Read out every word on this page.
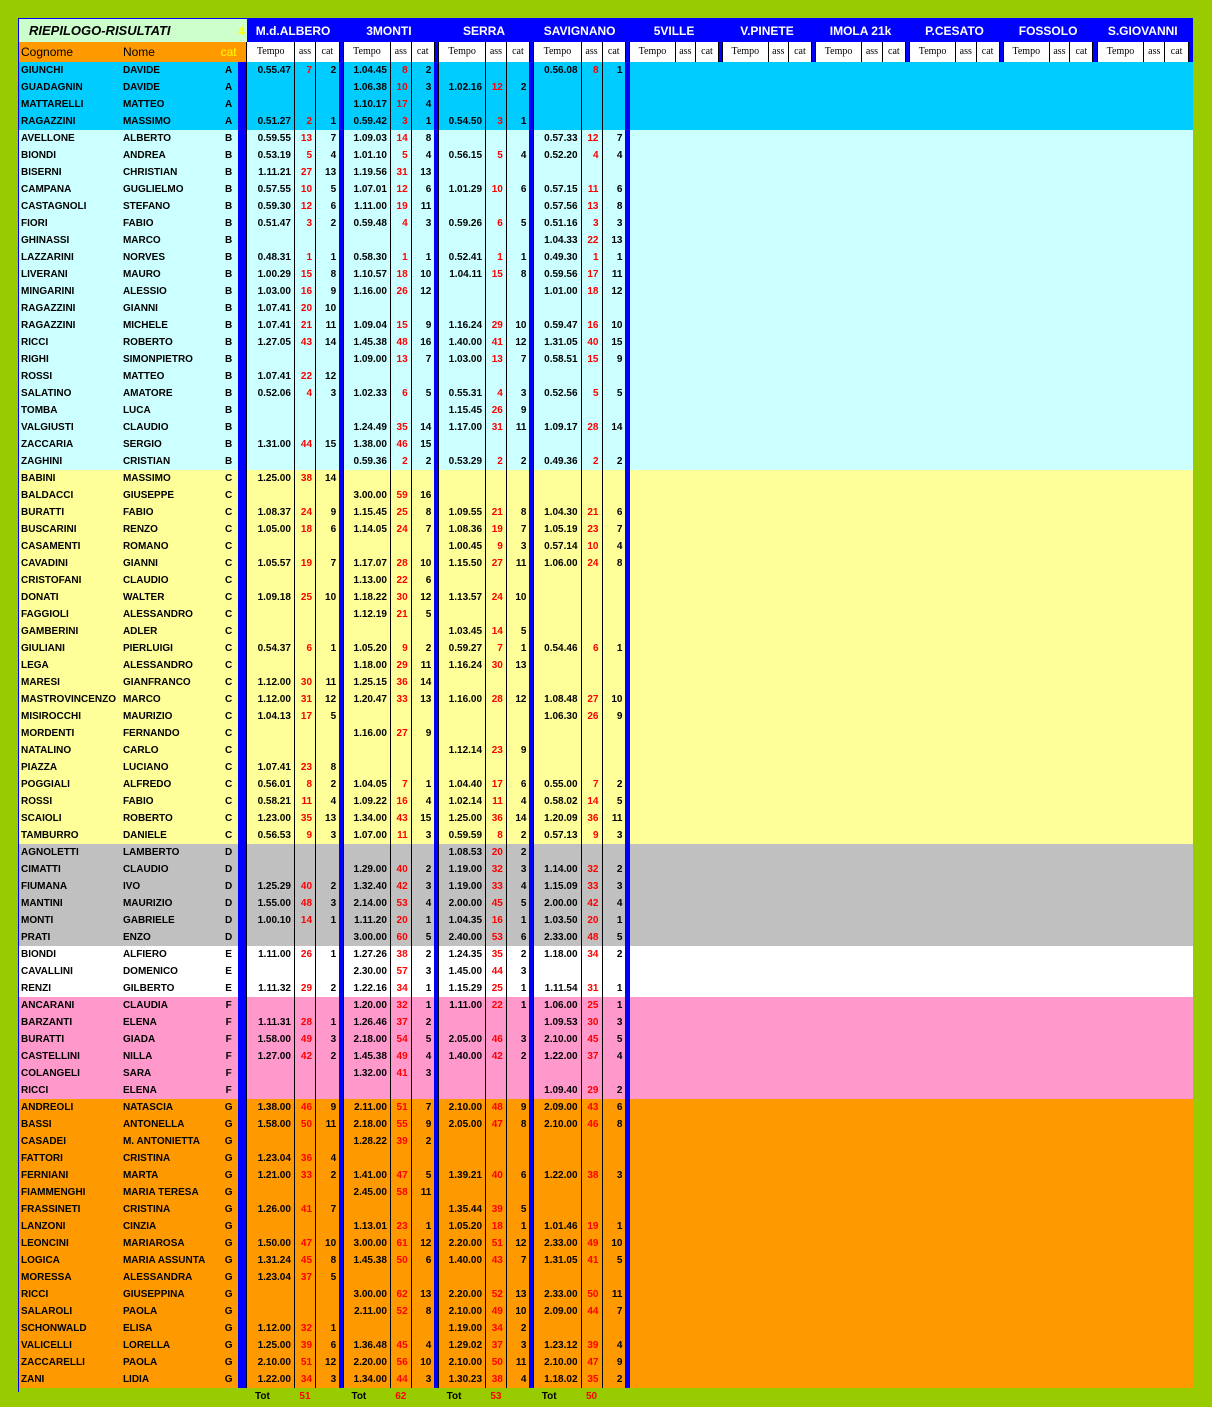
RIEPILOGO-RISULTATI			4	M.d.ALBERO				3MONTI				SERRA				SAVIGNANO				5VILLE				V.PINETE				IMOLA 21k				P.CESATO				FOSSOLO				S.GIOVANNI			
Cognome	Nome	cat		Tempo	ass	cat		Tempo	ass	cat		Tempo	ass	cat		Tempo	ass	cat		Tempo	ass	cat		Tempo	ass	cat		Tempo	ass	cat		Tempo	ass	cat		Tempo	ass	cat		Tempo	ass	cat	
GIUNCHI	DAVIDE	A		0.55.47	7	2		1.04.45	8	2						0.56.08	8	1																									
GUADAGNIN	DAVIDE	A						1.06.38	10	3		1.02.16	12	2																													
MATTARELLI	MATTEO	A						1.10.17	17	4																																	
RAGAZZINI	MASSIMO	A		0.51.27	2	1		0.59.42	3	1		0.54.50	3	1																													
AVELLONE	ALBERTO	B		0.59.55	13	7		1.09.03	14	8						0.57.33	12	7																									
BIONDI	ANDREA	B		0.53.19	5	4		1.01.10	5	4		0.56.15	5	4		0.52.20	4	4																									
BISERNI	CHRISTIAN	B		1.11.21	27	13		1.19.56	31	13																																	
CAMPANA	GUGLIELMO	B		0.57.55	10	5		1.07.01	12	6		1.01.29	10	6		0.57.15	11	6																									
CASTAGNOLI	STEFANO	B		0.59.30	12	6		1.11.00	19	11						0.57.56	13	8																									
FIORI	FABIO	B		0.51.47	3	2		0.59.48	4	3		0.59.26	6	5		0.51.16	3	3																									
GHINASSI	MARCO	B														1.04.33	22	13																									
LAZZARINI	NORVES	B		0.48.31	1	1		0.58.30	1	1		0.52.41	1	1		0.49.30	1	1																									
LIVERANI	MAURO	B		1.00.29	15	8		1.10.57	18	10		1.04.11	15	8		0.59.56	17	11																									
MINGARINI	ALESSIO	B		1.03.00	16	9		1.16.00	26	12						1.01.00	18	12																									
RAGAZZINI	GIANNI	B		1.07.41	20	10																																					
RAGAZZINI	MICHELE	B		1.07.41	21	11		1.09.04	15	9		1.16.24	29	10		0.59.47	16	10																									
RICCI	ROBERTO	B		1.27.05	43	14		1.45.38	48	16		1.40.00	41	12		1.31.05	40	15																									
RIGHI	SIMONPIETRO	B						1.09.00	13	7		1.03.00	13	7		0.58.51	15	9																									
ROSSI	MATTEO	B		1.07.41	22	12																																					
SALATINO	AMATORE	B		0.52.06	4	3		1.02.33	6	5		0.55.31	4	3		0.52.56	5	5																									
TOMBA	LUCA	B										1.15.45	26	9																													
VALGIUSTI	CLAUDIO	B						1.24.49	35	14		1.17.00	31	11		1.09.17	28	14																									
ZACCARIA	SERGIO	B		1.31.00	44	15		1.38.00	46	15																																	
ZAGHINI	CRISTIAN	B						0.59.36	2	2		0.53.29	2	2		0.49.36	2	2																									
BABINI	MASSIMO	C		1.25.00	38	14																																					
BALDACCI	GIUSEPPE	C						3.00.00	59	16																																	
BURATTI	FABIO	C		1.08.37	24	9		1.15.45	25	8		1.09.55	21	8		1.04.30	21	6																									
BUSCARINI	RENZO	C		1.05.00	18	6		1.14.05	24	7		1.08.36	19	7		1.05.19	23	7																									
CASAMENTI	ROMANO	C										1.00.45	9	3		0.57.14	10	4																									
CAVADINI	GIANNI	C		1.05.57	19	7		1.17.07	28	10		1.15.50	27	11		1.06.00	24	8																									
CRISTOFANI	CLAUDIO	C						1.13.00	22	6																																	
DONATI	WALTER	C		1.09.18	25	10		1.18.22	30	12		1.13.57	24	10																													
FAGGIOLI	ALESSANDRO	C						1.12.19	21	5																																	
GAMBERINI	ADLER	C										1.03.45	14	5																													
GIULIANI	PIERLUIGI	C		0.54.37	6	1		1.05.20	9	2		0.59.27	7	1		0.54.46	6	1																									
LEGA	ALESSANDRO	C						1.18.00	29	11		1.16.24	30	13																													
MARESI	GIANFRANCO	C		1.12.00	30	11		1.25.15	36	14																																	
MASTROVINCENZO	MARCO	C		1.12.00	31	12		1.20.47	33	13		1.16.00	28	12		1.08.48	27	10																									
MISIROCCHI	MAURIZIO	C		1.04.13	17	5										1.06.30	26	9																									
MORDENTI	FERNANDO	C						1.16.00	27	9																																	
NATALINO	CARLO	C										1.12.14	23	9																													
PIAZZA	LUCIANO	C		1.07.41	23	8																																					
POGGIALI	ALFREDO	C		0.56.01	8	2		1.04.05	7	1		1.04.40	17	6		0.55.00	7	2																									
ROSSI	FABIO	C		0.58.21	11	4		1.09.22	16	4		1.02.14	11	4		0.58.02	14	5																									
SCAIOLI	ROBERTO	C		1.23.00	35	13		1.34.00	43	15		1.25.00	36	14		1.20.09	36	11																									
TAMBURRO	DANIELE	C		0.56.53	9	3		1.07.00	11	3		0.59.59	8	2		0.57.13	9	3																									
AGNOLETTI	LAMBERTO	D										1.08.53	20	2																													
CIMATTI	CLAUDIO	D						1.29.00	40	2		1.19.00	32	3		1.14.00	32	2																									
FIUMANA	IVO	D		1.25.29	40	2		1.32.40	42	3		1.19.00	33	4		1.15.09	33	3																									
MANTINI	MAURIZIO	D		1.55.00	48	3		2.14.00	53	4		2.00.00	45	5		2.00.00	42	4																									
MONTI	GABRIELE	D		1.00.10	14	1		1.11.20	20	1		1.04.35	16	1		1.03.50	20	1																									
PRATI	ENZO	D						3.00.00	60	5		2.40.00	53	6		2.33.00	48	5																									
BIONDI	ALFIERO	E		1.11.00	26	1		1.27.26	38	2		1.24.35	35	2		1.18.00	34	2																									
CAVALLINI	DOMENICO	E						2.30.00	57	3		1.45.00	44	3																													
RENZI	GILBERTO	E		1.11.32	29	2		1.22.16	34	1		1.15.29	25	1		1.11.54	31	1																									
ANCARANI	CLAUDIA	F						1.20.00	32	1		1.11.00	22	1		1.06.00	25	1																									
BARZANTI	ELENA	F		1.11.31	28	1		1.26.46	37	2						1.09.53	30	3																									
BURATTI	GIADA	F		1.58.00	49	3		2.18.00	54	5		2.05.00	46	3		2.10.00	45	5																									
CASTELLINI	NILLA	F		1.27.00	42	2		1.45.38	49	4		1.40.00	42	2		1.22.00	37	4																									
COLANGELI	SARA	F						1.32.00	41	3																																	
RICCI	ELENA	F														1.09.40	29	2																									
ANDREOLI	NATASCIA	G		1.38.00	46	9		2.11.00	51	7		2.10.00	48	9		2.09.00	43	6																									
BASSI	ANTONELLA	G		1.58.00	50	11		2.18.00	55	9		2.05.00	47	8		2.10.00	46	8																									
CASADEI	M. ANTONIETTA	G						1.28.22	39	2																																	
FATTORI	CRISTINA	G		1.23.04	36	4																																					
FERNIANI	MARTA	G		1.21.00	33	2		1.41.00	47	5		1.39.21	40	6		1.22.00	38	3																									
FIAMMENGHI	MARIA TERESA	G						2.45.00	58	11																																	
FRASSINETI	CRISTINA	G		1.26.00	41	7						1.35.44	39	5																													
LANZONI	CINZIA	G						1.13.01	23	1		1.05.20	18	1		1.01.46	19	1																									
LEONCINI	MARIAROSA	G		1.50.00	47	10		3.00.00	61	12		2.20.00	51	12		2.33.00	49	10																									
LOGICA	MARIA ASSUNTA	G		1.31.24	45	8		1.45.38	50	6		1.40.00	43	7		1.31.05	41	5																									
MORESSA	ALESSANDRA	G		1.23.04	37	5																																					
RICCI	GIUSEPPINA	G						3.00.00	62	13		2.20.00	52	13		2.33.00	50	11																									
SALAROLI	PAOLA	G						2.11.00	52	8		2.10.00	49	10		2.09.00	44	7																									
SCHONWALD	ELISA	G		1.12.00	32	1						1.19.00	34	2																													
VALICELLI	LORELLA	G		1.25.00	39	6		1.36.48	45	4		1.29.02	37	3		1.23.12	39	4																									
ZACCARELLI	PAOLA	G		2.10.00	51	12		2.20.00	56	10		2.10.00	50	11		2.10.00	47	9																									
ZANI	LIDIA	G		1.22.00	34	3		1.34.00	44	3		1.30.23	38	4		1.18.02	35	2																									
				Tot	51			Tot	62			Tot	53			Tot	50																										
